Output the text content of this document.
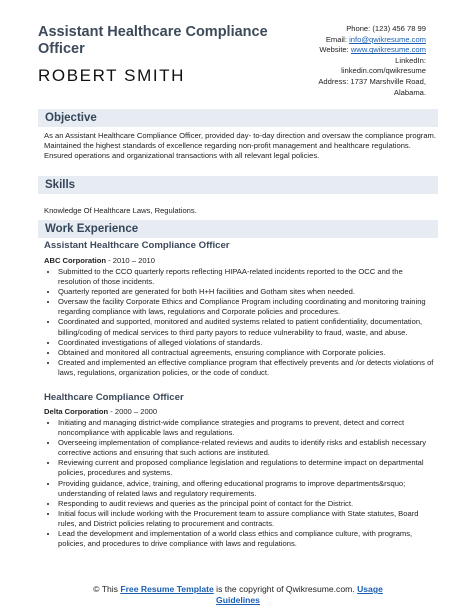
Assistant Healthcare Compliance Officer
ROBERT SMITH
Phone: (123) 456 78 99
Email: info@qwikresume.com
Website: www.qwikresume.com
LinkedIn:
linkedin.com/qwikresume
Address: 1737 Marshville Road,
Alabama.
Objective
As an Assistant Healthcare Compliance Officer, provided day- to-day direction and oversaw the compliance program. Maintained the highest standards of excellence regarding non-profit management and healthcare regulations. Ensured operations and organizational transactions with all relevant legal policies.
Skills
Knowledge Of Healthcare Laws, Regulations.
Work Experience
Assistant Healthcare Compliance Officer
ABC Corporation - 2010 – 2010
• Submitted to the CCO quarterly reports reflecting HIPAA-related incidents reported to the OCC and the resolution of those incidents.
• Quarterly reported are generated for both H+H facilities and Gotham sites when needed.
• Oversaw the facility Corporate Ethics and Compliance Program including coordinating and monitoring training regarding compliance with laws, regulations and Corporate policies and procedures.
• Coordinated and supported, monitored and audited systems related to patient confidentiality, documentation, billing/coding of medical services to third party payors to reduce vulnerability to fraud, waste, and abuse.
• Coordinated investigations of alleged violations of standards.
• Obtained and monitored all contractual agreements, ensuring compliance with Corporate policies.
• Created and implemented an effective compliance program that effectively prevents and /or detects violations of laws, regulations, organization policies, or the code of conduct.
Healthcare Compliance Officer
Delta Corporation - 2000 – 2000
• Initiating and managing district-wide compliance strategies and programs to prevent, detect and correct noncompliance with applicable laws and regulations.
• Overseeing implementation of compliance-related reviews and audits to identify risks and establish necessary corrective actions and ensuring that such actions are instituted.
• Reviewing current and proposed compliance legislation and regulations to determine impact on departmental policies, procedures and systems.
• Providing guidance, advice, training, and offering educational programs to improve departments&rsquo; understanding of related laws and regulatory requirements.
• Responding to audit reviews and queries as the principal point of contact for the District.
• Initial focus will include working with the Procurement team to assure compliance with State statutes, Board rules, and District policies relating to procurement and contracts.
• Lead the development and implementation of a world class ethics and compliance culture, with programs, policies, and procedures to drive compliance with laws and regulations.
© This Free Resume Template is the copyright of Qwikresume.com. Usage
Guidelines
